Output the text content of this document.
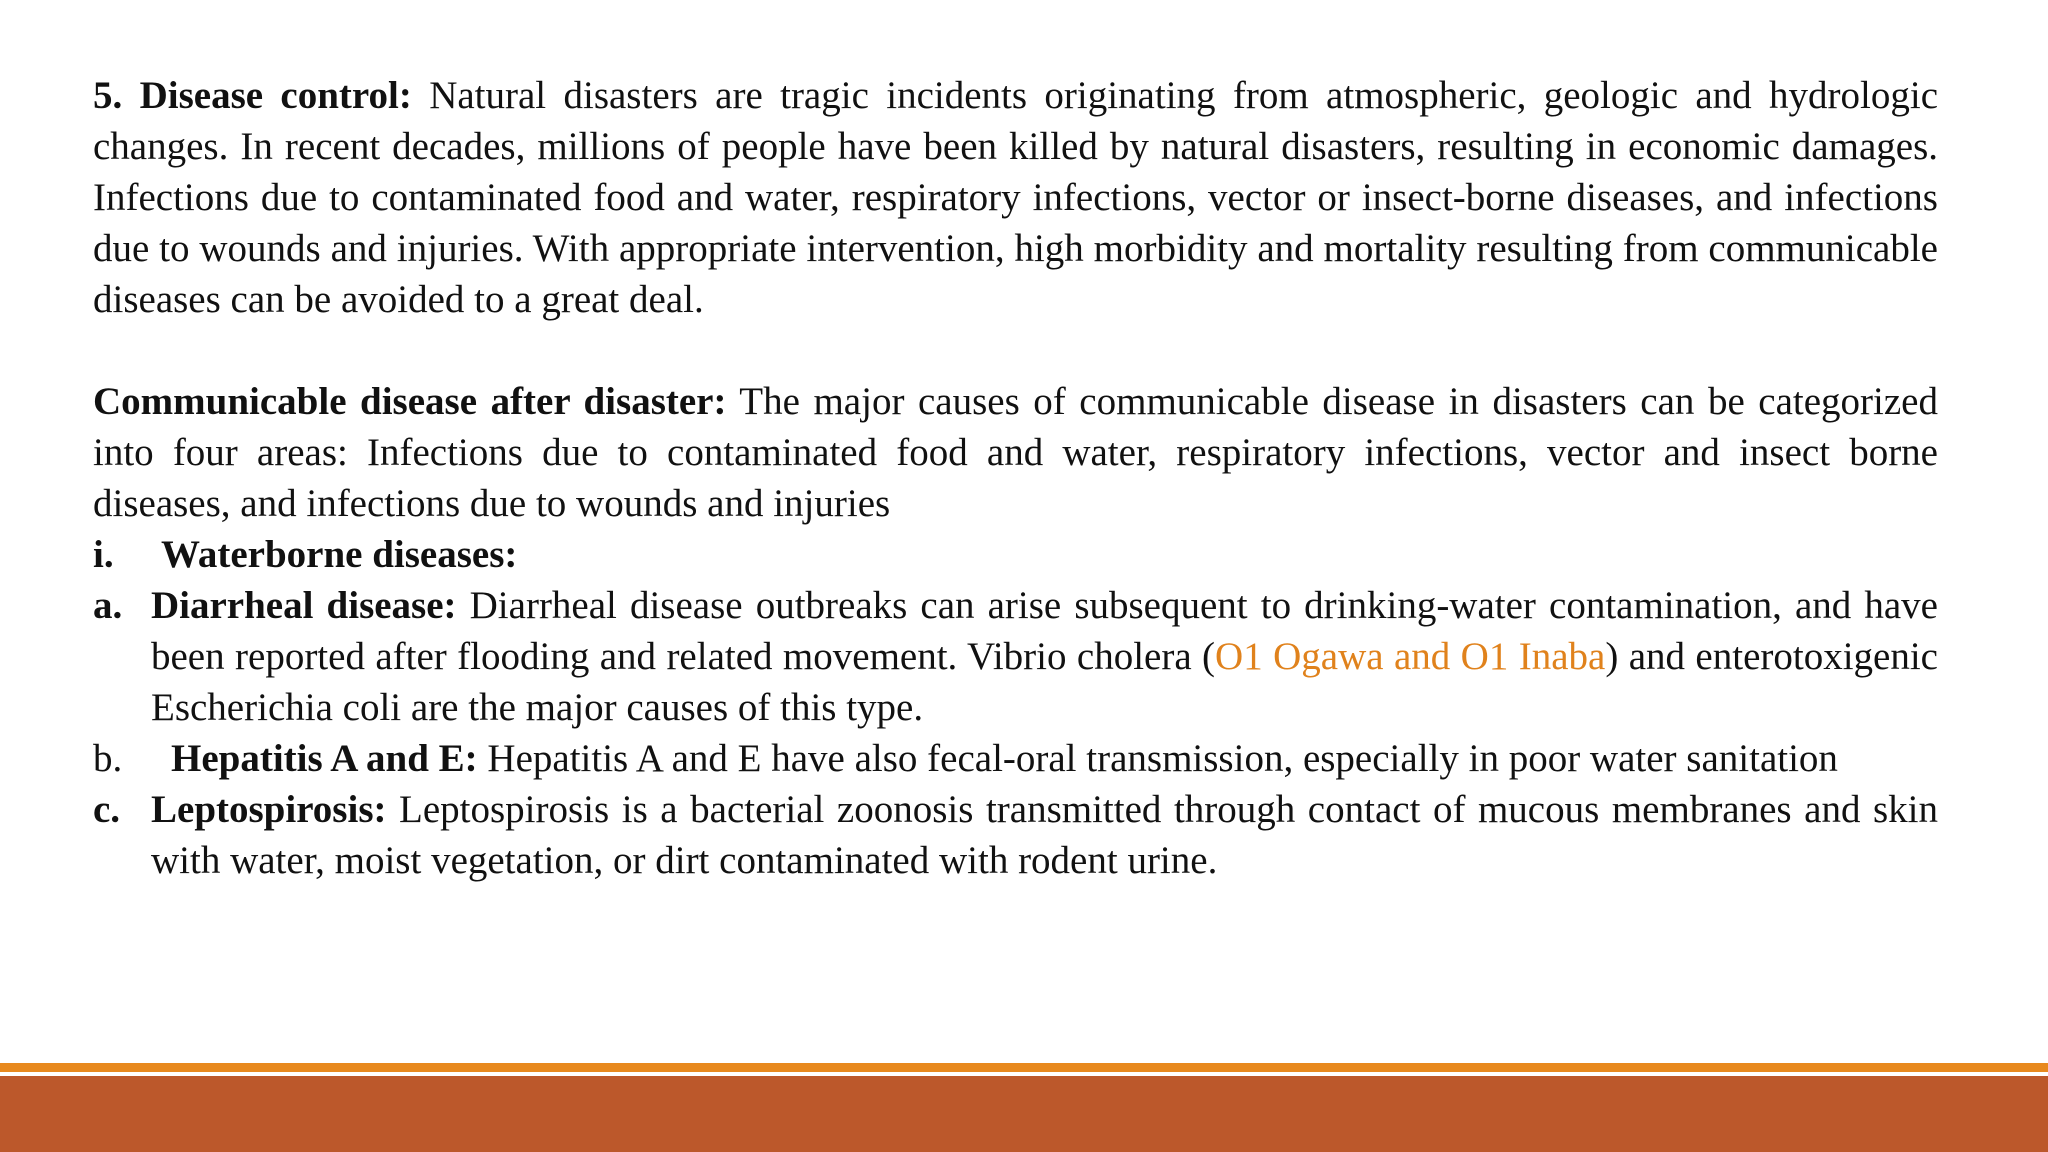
5. Disease control: Natural disasters are tragic incidents originating from atmospheric, geologic and hydrologic changes. In recent decades, millions of people have been killed by natural disasters, resulting in economic damages. Infections due to contaminated food and water, respiratory infections, vector or insect-borne diseases, and infections due to wounds and injuries. With appropriate intervention, high morbidity and mortality resulting from communicable diseases can be avoided to a great deal.

Communicable disease after disaster: The major causes of communicable disease in disasters can be categorized into four areas: Infections due to contaminated food and water, respiratory infections, vector and insect borne diseases, and infections due to wounds and injuries

i.	Waterborne diseases:
a. Diarrheal disease: Diarrheal disease outbreaks can arise subsequent to drinking-water contamination, and have been reported after flooding and related movement. Vibrio cholera (O1 Ogawa and O1 Inaba) and enterotoxigenic Escherichia coli are the major causes of this type.
b.	Hepatitis A and E: Hepatitis A and E have also fecal-oral transmission, especially in poor water sanitation
c. Leptospirosis: Leptospirosis is a bacterial zoonosis transmitted through contact of mucous membranes and skin with water, moist vegetation, or dirt contaminated with rodent urine.
